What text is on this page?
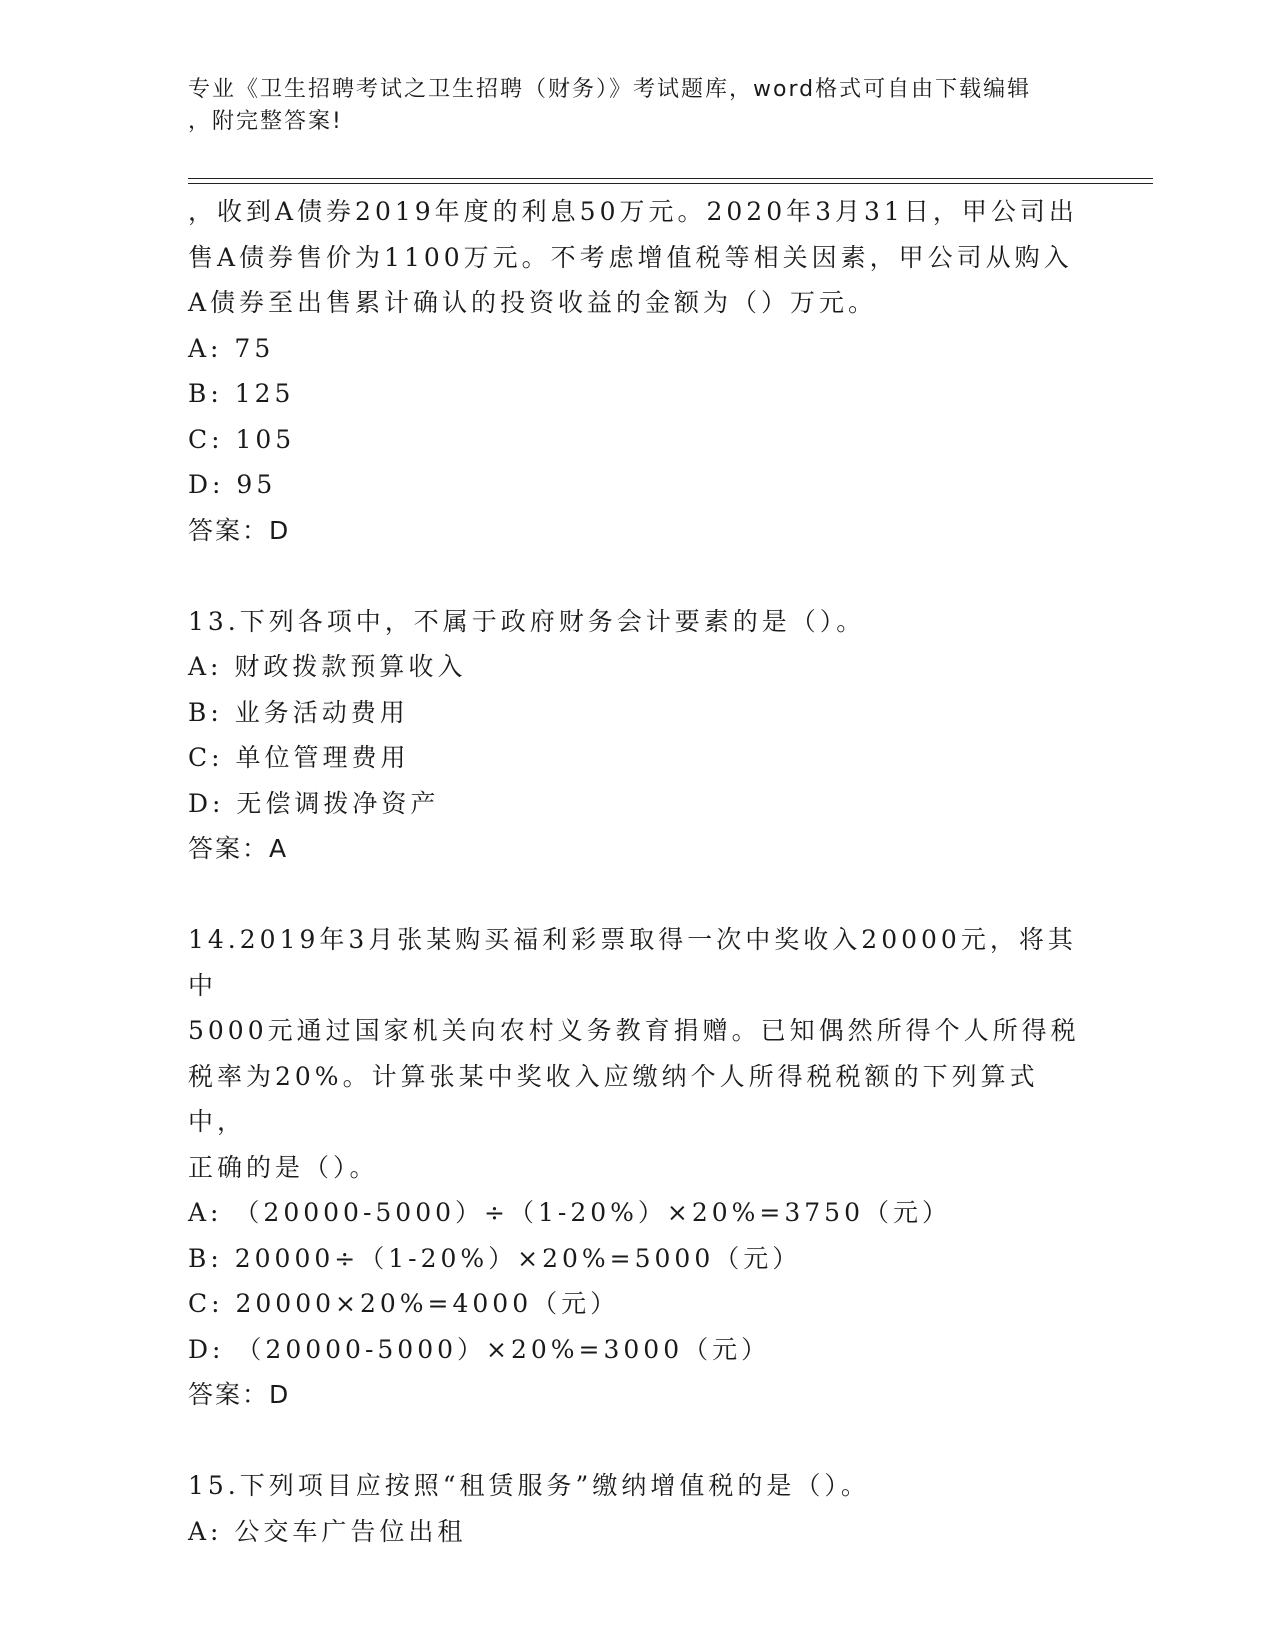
专业《卫生招聘考试之卫生招聘（财务）》考试题库，word格式可自由下载编辑
，附完整答案!
，收到A债券2019年度的利息50万元。2020年3月31日，甲公司出
售A债券售价为1100万元。不考虑增值税等相关因素，甲公司从购入
A债券至出售累计确认的投资收益的金额为（）万元。
A: 75
B: 125
C: 105
D: 95
答案：D
13.下列各项中，不属于政府财务会计要素的是（）。
A: 财政拨款预算收入
B: 业务活动费用
C: 单位管理费用
D: 无偿调拨净资产
答案：A
14.2019年3月张某购买福利彩票取得一次中奖收入20000元，将其中
5000元通过国家机关向农村义务教育捐赠。已知偶然所得个人所得税
税率为20%。计算张某中奖收入应缴纳个人所得税税额的下列算式中，
正确的是（）。
A: （20000-5000）÷（1-20%）×20%=3750（元）
B: 20000÷（1-20%）×20%=5000（元）
C: 20000×20%=4000（元）
D: （20000-5000）×20%=3000（元）
答案：D
15.下列项目应按照“租赁服务”缴纳增值税的是（）。
A: 公交车广告位出租
